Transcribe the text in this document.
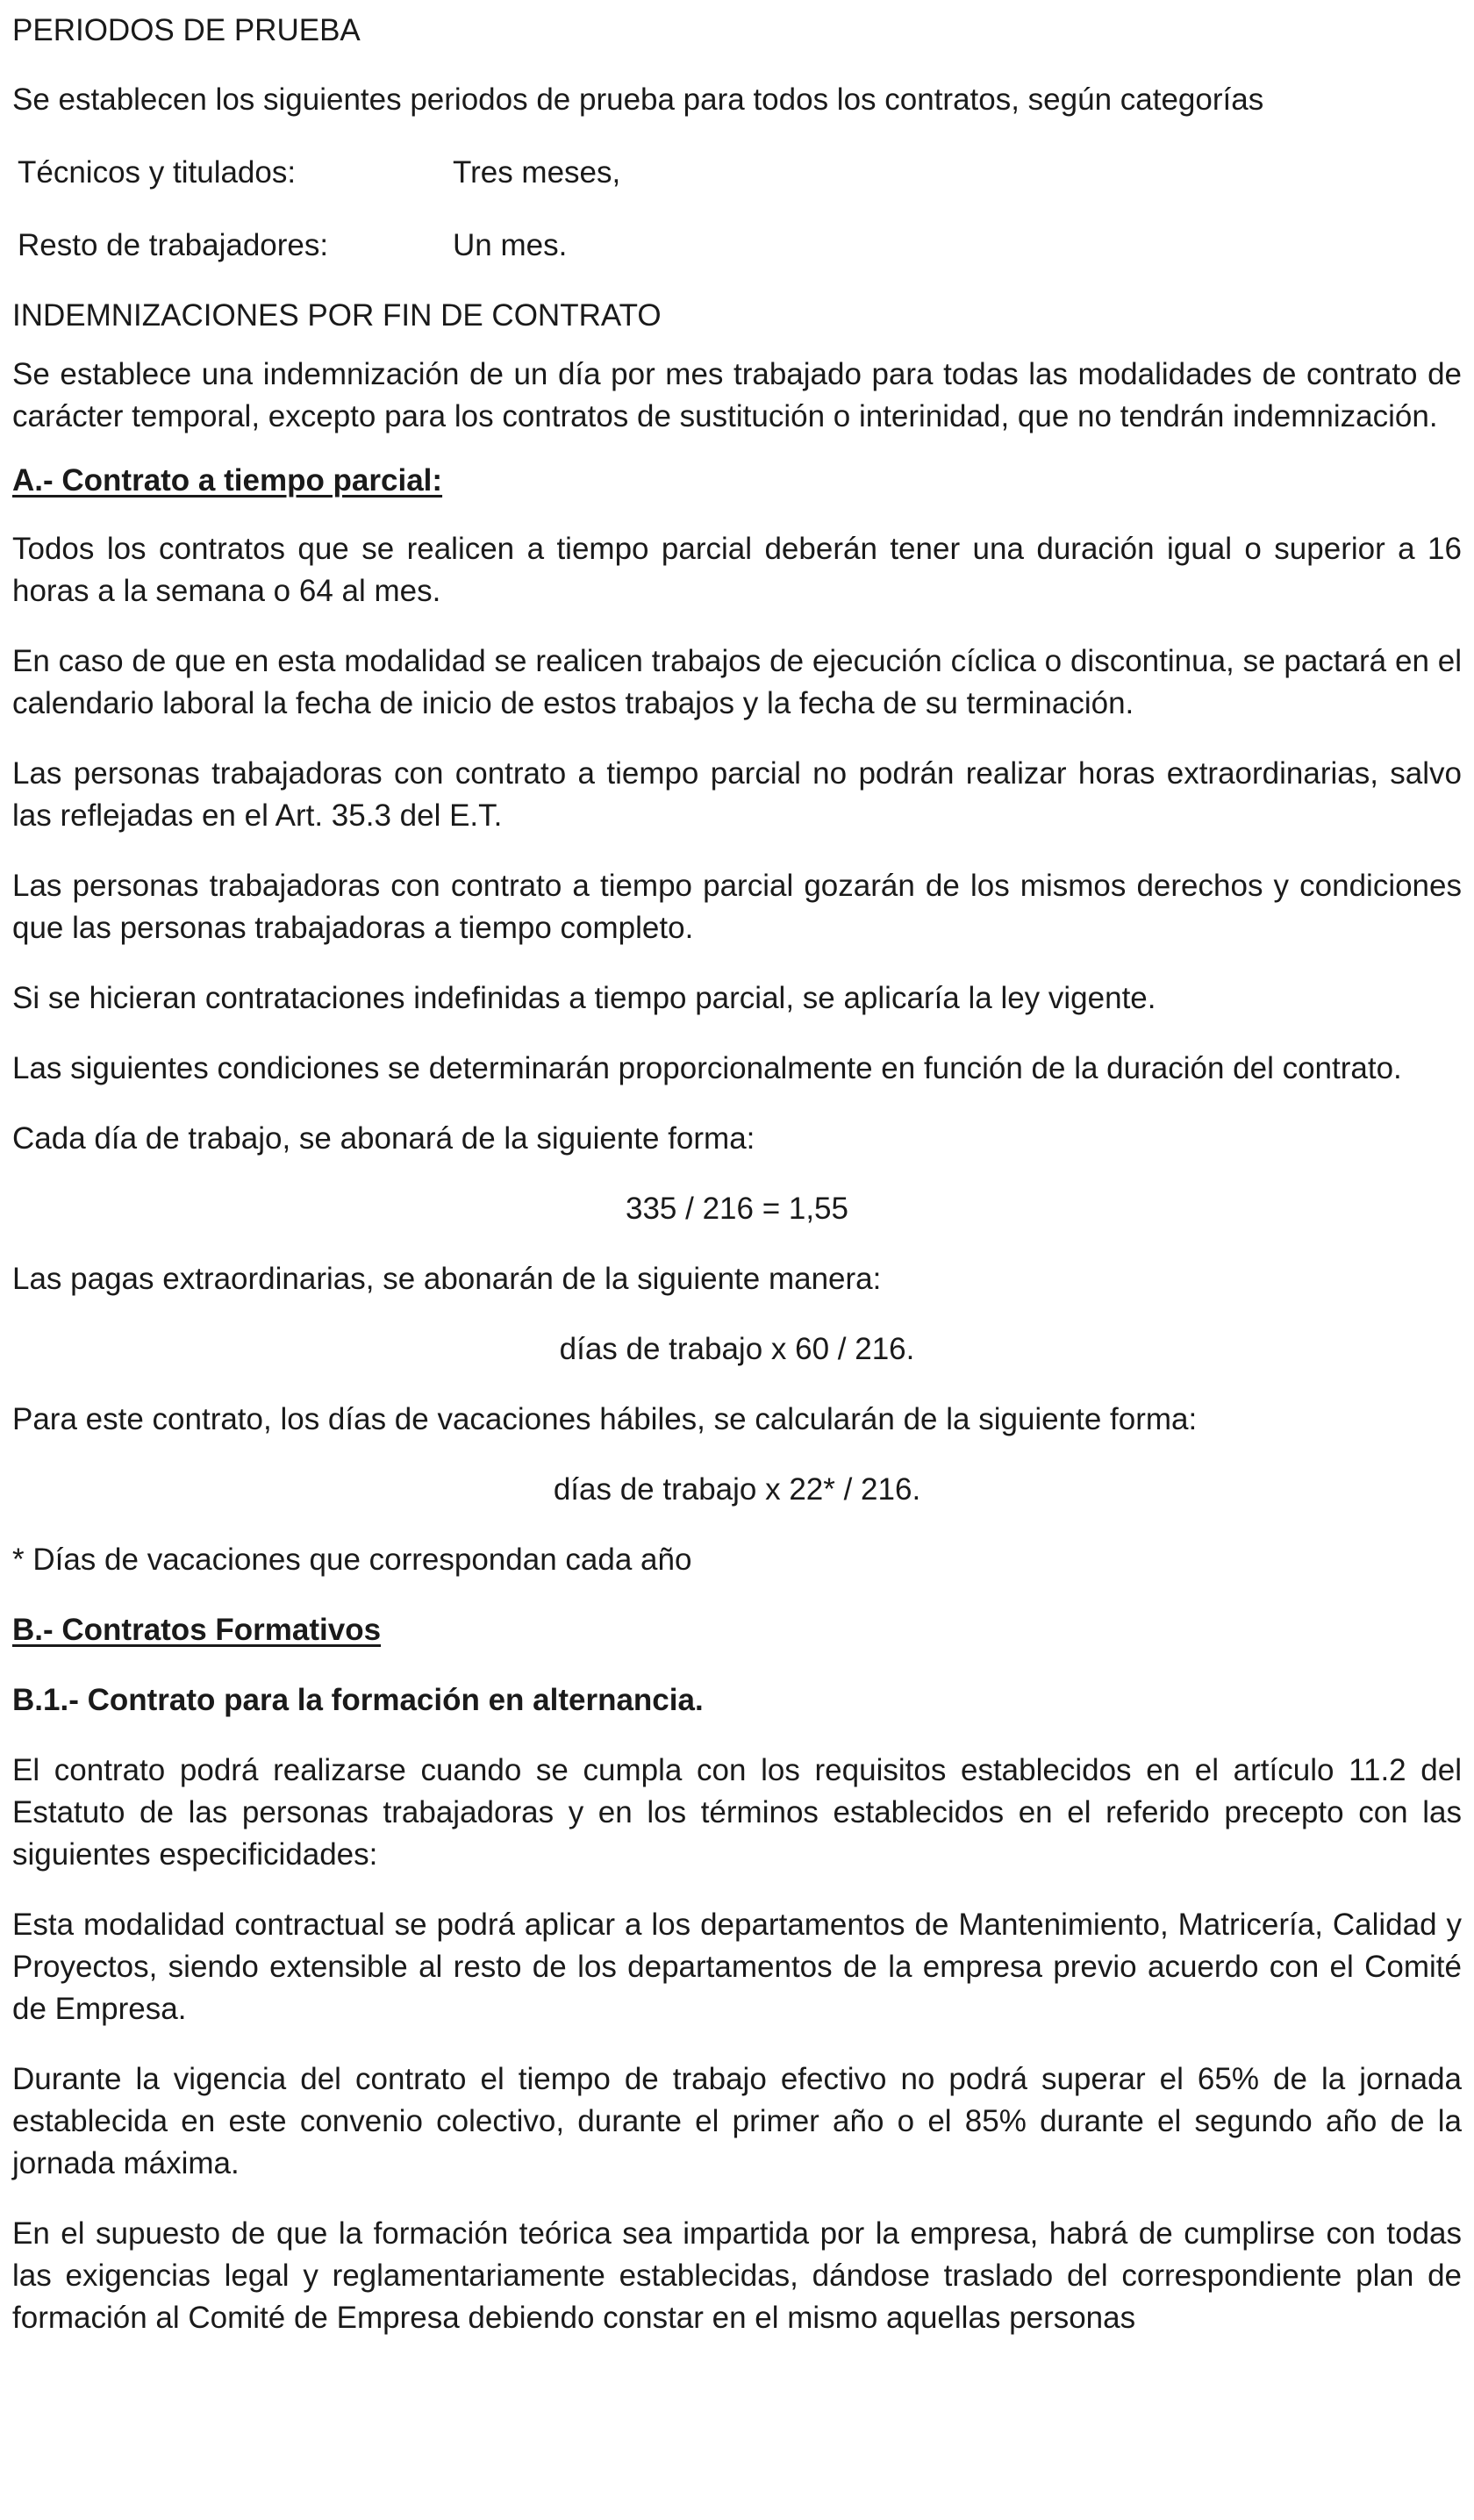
PERIODOS DE PRUEBA

Se establecen los siguientes periodos de prueba para todos los contratos, según categorías

Técnicos y titulados:	Tres meses,
Resto de trabajadores:	Un mes.

INDEMNIZACIONES POR FIN DE CONTRATO

Se establece una indemnización de un día por mes trabajado para todas las modalidades de contrato de carácter temporal, excepto para los contratos de sustitución o interinidad, que no tendrán indemnización.

A.- Contrato a tiempo parcial:

Todos los contratos que se realicen a tiempo parcial deberán tener una duración igual o superior a 16 horas a la semana o 64 al mes.

En caso de que en esta modalidad se realicen trabajos de ejecución cíclica o discontinua, se pactará en el calendario laboral la fecha de inicio de estos trabajos y la fecha de su terminación.

Las personas trabajadoras con contrato a tiempo parcial no podrán realizar horas extraordinarias, salvo las reflejadas en el Art. 35.3 del E.T.

Las personas trabajadoras con contrato a tiempo parcial gozarán de los mismos derechos y condiciones que las personas trabajadoras a tiempo completo.

Si se hicieran contrataciones indefinidas a tiempo parcial, se aplicaría la ley vigente.

Las siguientes condiciones se determinarán proporcionalmente en función de la duración del contrato.

Cada día de trabajo, se abonará de la siguiente forma:

335 / 216 = 1,55

Las pagas extraordinarias, se abonarán de la siguiente manera:

días de trabajo x 60 / 216.

Para este contrato, los días de vacaciones hábiles, se calcularán de la siguiente forma:

días de trabajo x 22* / 216.

* Días de vacaciones que correspondan cada año

B.- Contratos Formativos

B.1.- Contrato para la formación en alternancia.

El contrato podrá realizarse cuando se cumpla con los requisitos establecidos en el artículo 11.2 del Estatuto de las personas trabajadoras y en los términos establecidos en el referido precepto con las siguientes especificidades:

Esta modalidad contractual se podrá aplicar a los departamentos de Mantenimiento, Matricería, Calidad y Proyectos, siendo extensible al resto de los departamentos de la empresa previo acuerdo con el Comité de Empresa.

Durante la vigencia del contrato el tiempo de trabajo efectivo no podrá superar el 65% de la jornada establecida en este convenio colectivo, durante el primer año o el 85% durante el segundo año de la jornada máxima.

En el supuesto de que la formación teórica sea impartida por la empresa, habrá de cumplirse con todas las exigencias legal y reglamentariamente establecidas, dándose traslado del correspondiente plan de formación al Comité de Empresa debiendo constar en el mismo aquellas personas
